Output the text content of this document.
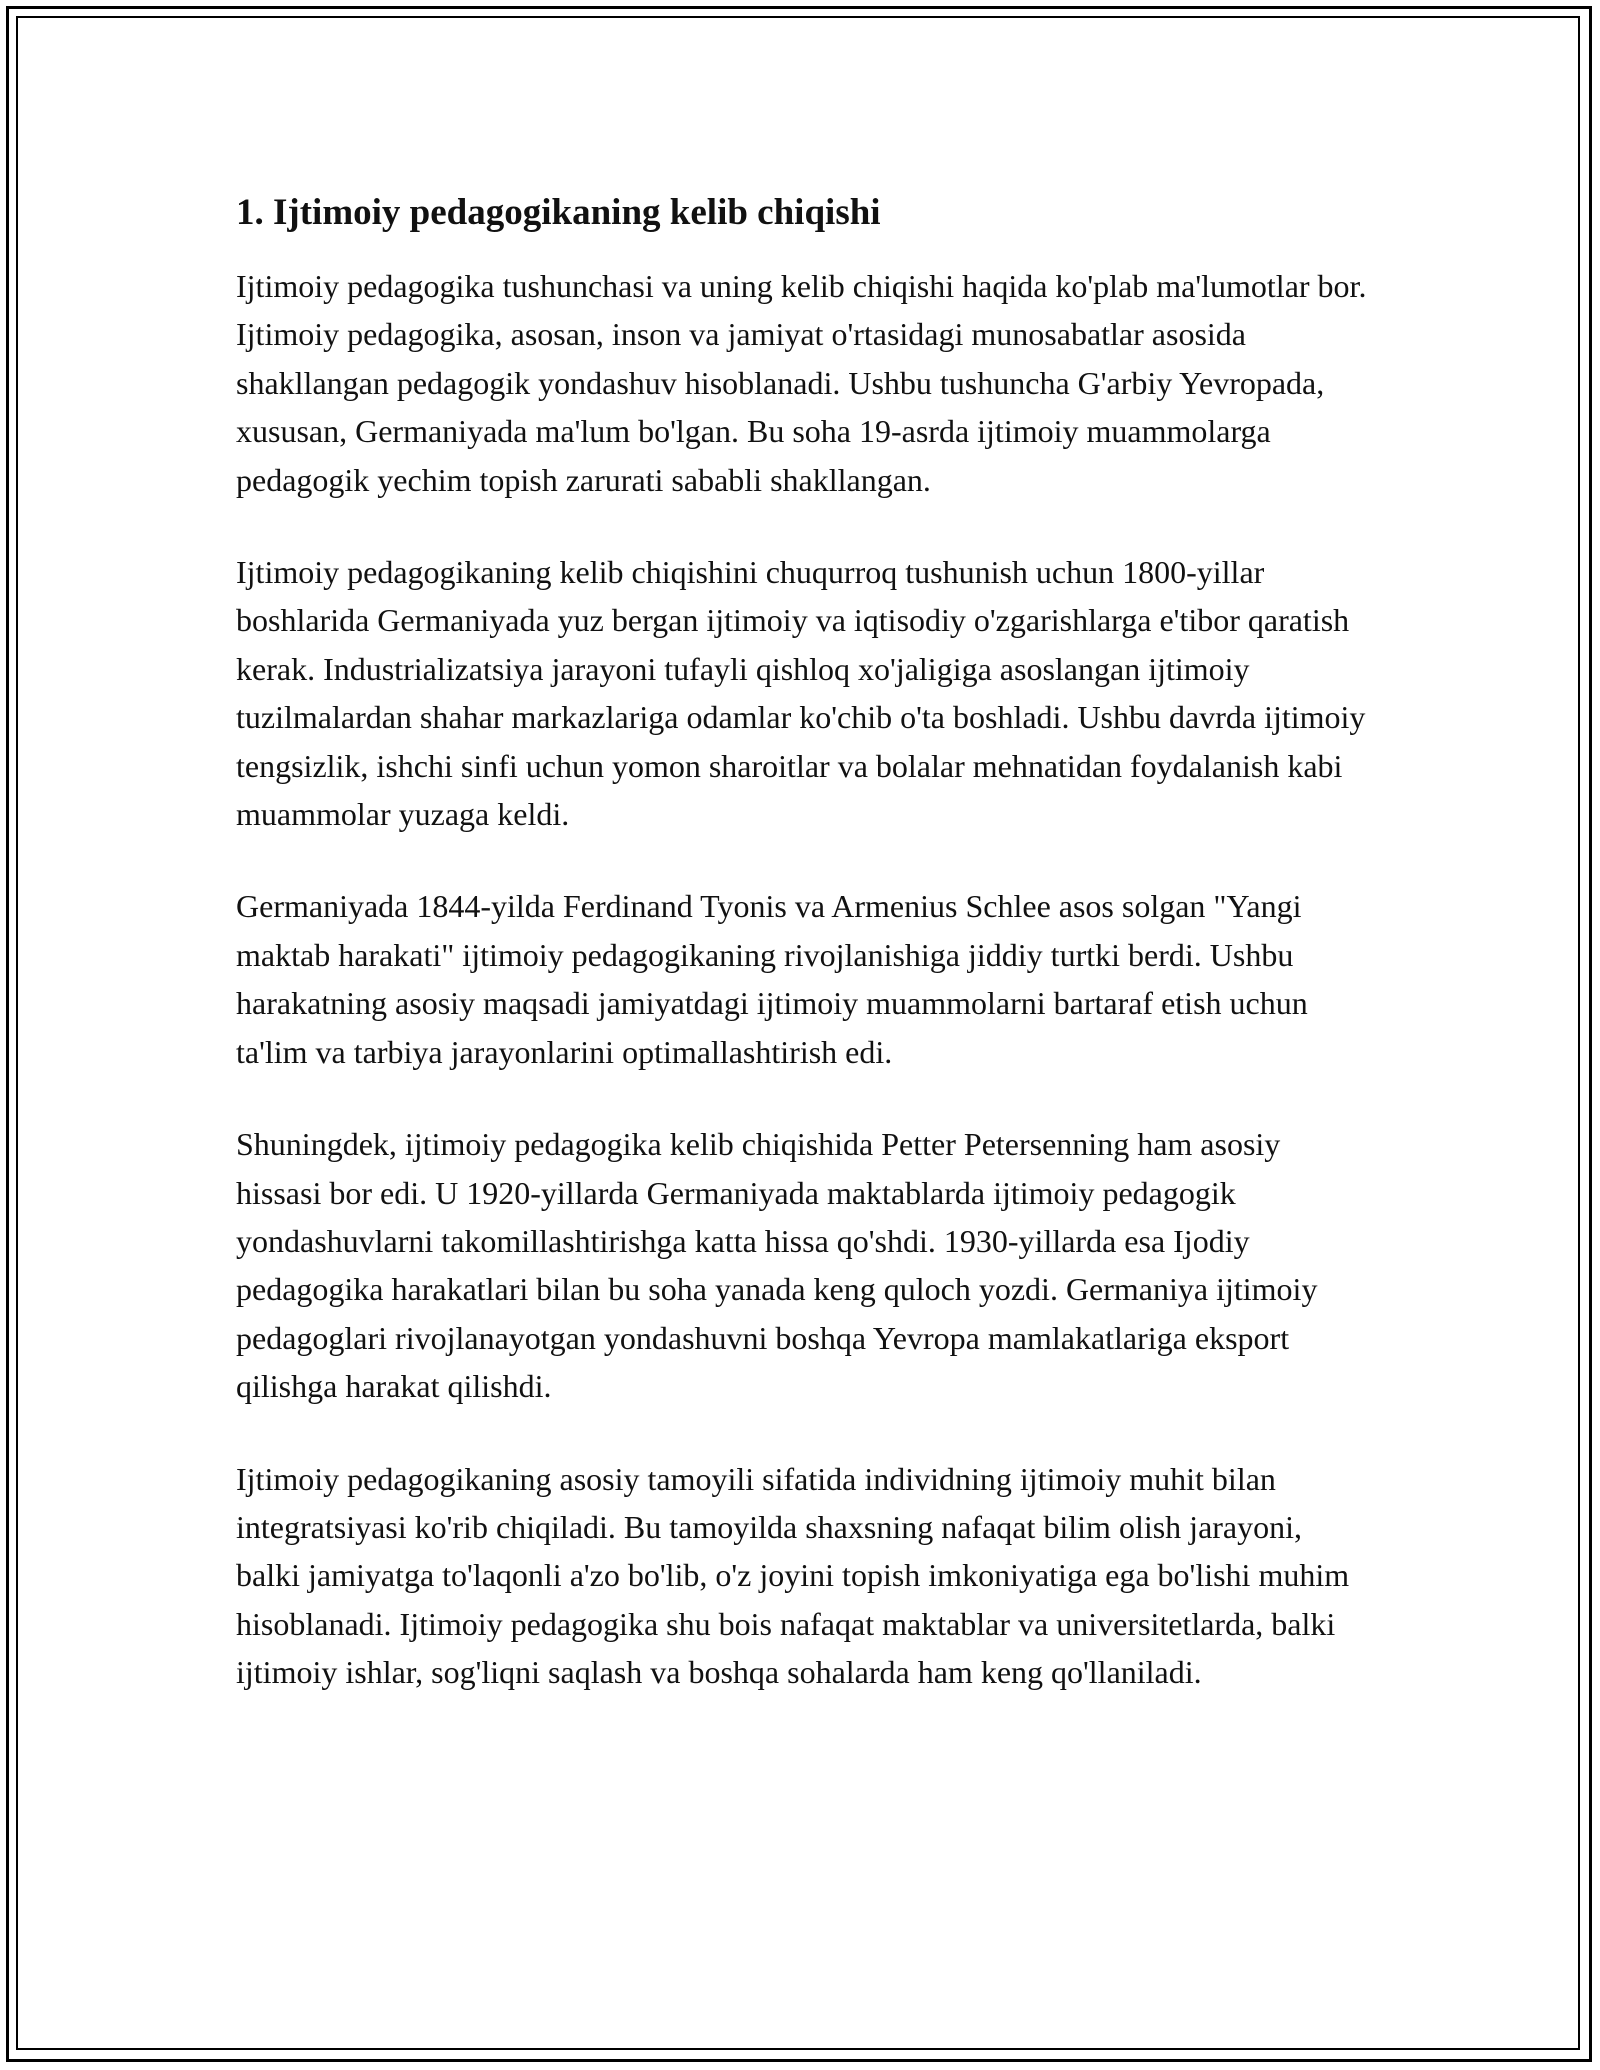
1. Ijtimoiy pedagogikaning kelib chiqishi

Ijtimoiy pedagogika tushunchasi va uning kelib chiqishi haqida ko'plab ma'lumotlar bor. Ijtimoiy pedagogika, asosan, inson va jamiyat o'rtasidagi munosabatlar asosida shakllangan pedagogik yondashuv hisoblanadi. Ushbu tushuncha G'arbiy Yevropada, xususan, Germaniyada ma'lum bo'lgan. Bu soha 19-asrda ijtimoiy muammolarga pedagogik yechim topish zarurati sababli shakllangan.

Ijtimoiy pedagogikaning kelib chiqishini chuqurroq tushunish uchun 1800-yillar boshlarida Germaniyada yuz bergan ijtimoiy va iqtisodiy o'zgarishlarga e'tibor qaratish kerak. Industrializatsiya jarayoni tufayli qishloq xo'jaligiga asoslangan ijtimoiy tuzilmalardan shahar markazlariga odamlar ko'chib o'ta boshladi. Ushbu davrda ijtimoiy tengsizlik, ishchi sinfi uchun yomon sharoitlar va bolalar mehnatidan foydalanish kabi muammolar yuzaga keldi.

Germaniyada 1844-yilda Ferdinand Tyonis va Armenius Schlee asos solgan "Yangi maktab harakati" ijtimoiy pedagogikaning rivojlanishiga jiddiy turtki berdi. Ushbu harakatning asosiy maqsadi jamiyatdagi ijtimoiy muammolarni bartaraf etish uchun ta'lim va tarbiya jarayonlarini optimallashtirish edi.

Shuningdek, ijtimoiy pedagogika kelib chiqishida Petter Petersenning ham asosiy hissasi bor edi. U 1920-yillarda Germaniyada maktablarda ijtimoiy pedagogik yondashuvlarni takomillashtirishga katta hissa qo'shdi. 1930-yillarda esa Ijodiy pedagogika harakatlari bilan bu soha yanada keng quloch yozdi. Germaniya ijtimoiy pedagoglari rivojlanayotgan yondashuvni boshqa Yevropa mamlakatlariga eksport qilishga harakat qilishdi.

Ijtimoiy pedagogikaning asosiy tamoyili sifatida individning ijtimoiy muhit bilan integratsiyasi ko'rib chiqiladi. Bu tamoyilda shaxsning nafaqat bilim olish jarayoni, balki jamiyatga to'laqonli a'zo bo'lib, o'z joyini topish imkoniyatiga ega bo'lishi muhim hisoblanadi. Ijtimoiy pedagogika shu bois nafaqat maktablar va universitetlarda, balki ijtimoiy ishlar, sog'liqni saqlash va boshqa sohalarda ham keng qo'llaniladi.
